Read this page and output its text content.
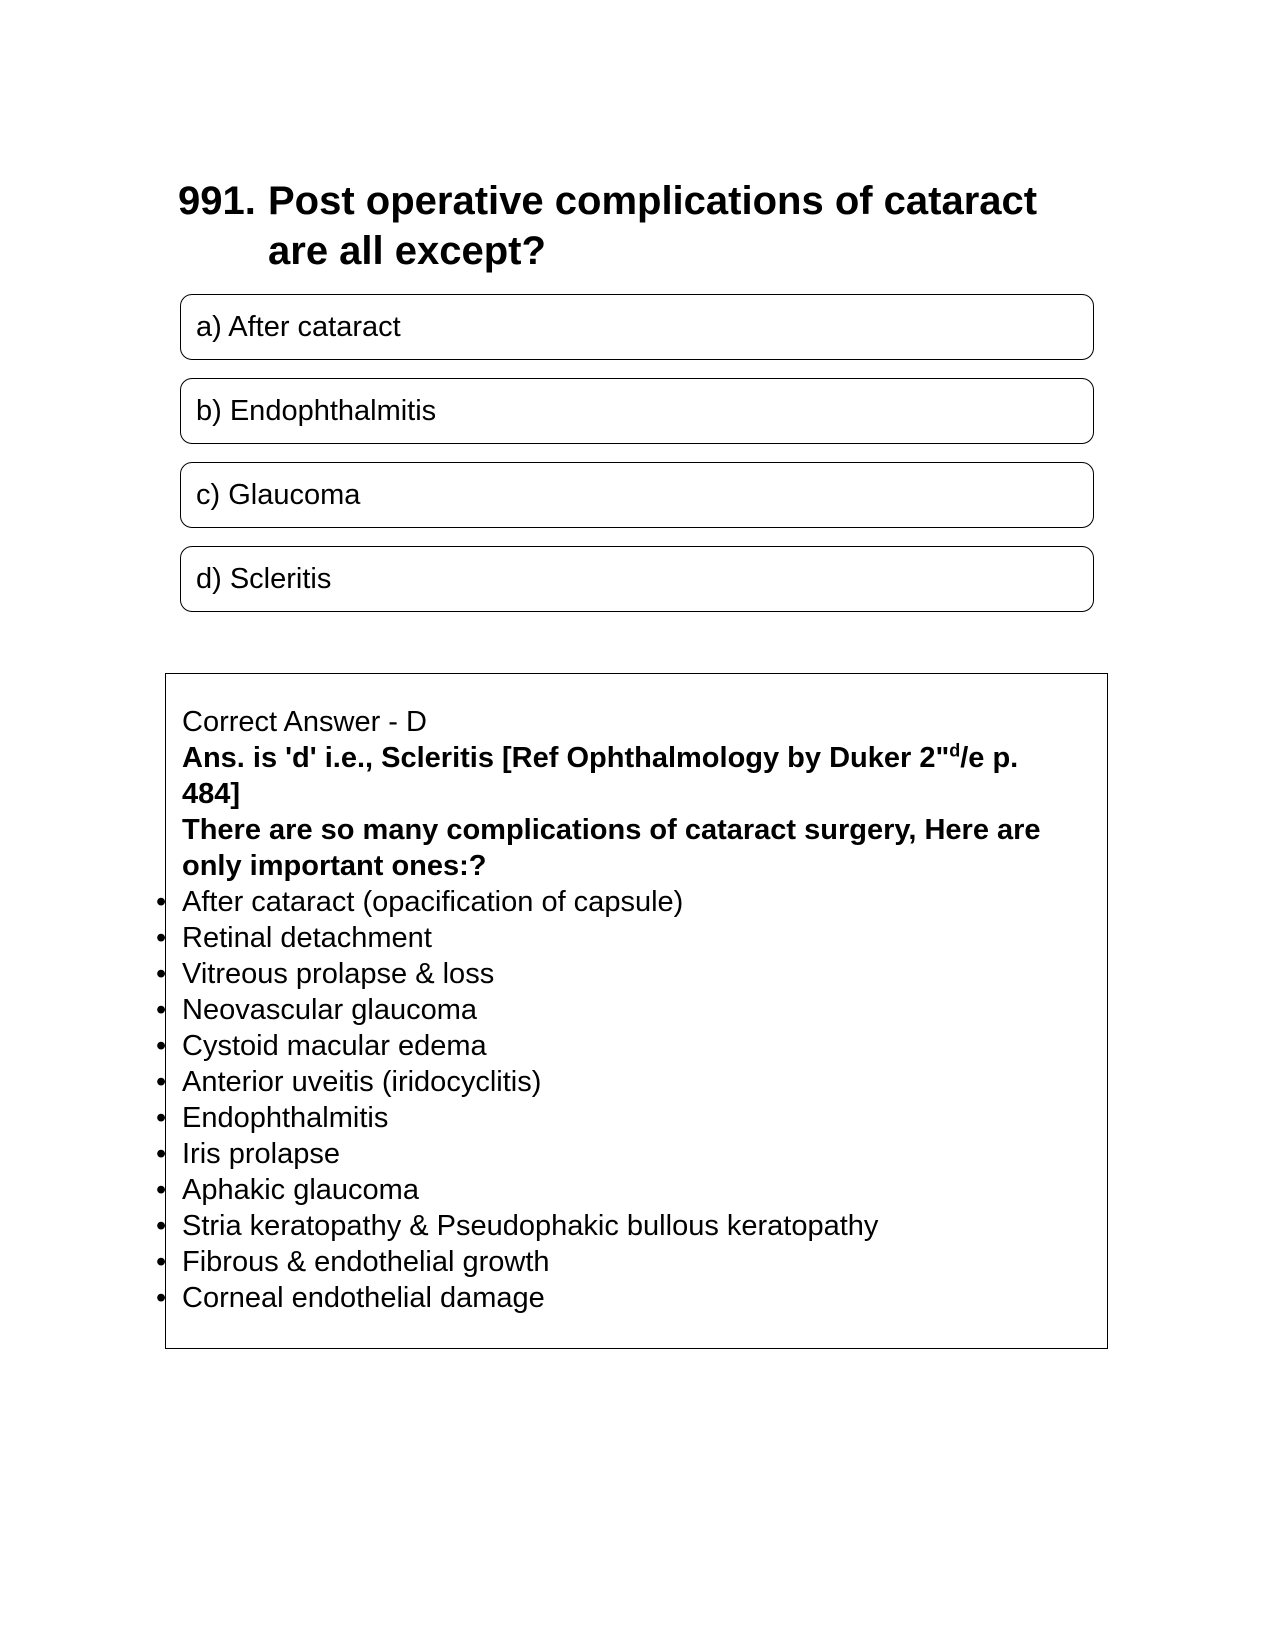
991. Post operative complications of cataract are all except?
a) After cataract
b) Endophthalmitis
c) Glaucoma
d) Scleritis
Correct Answer - D
Ans. is 'd' i.e., Scleritis [Ref Ophthalmology by Duker 2"$^d$/e p. 484]
There are so many complications of cataract surgery, Here are only important ones:?
• After cataract (opacification of capsule)
• Retinal detachment
• Vitreous prolapse & loss
• Neovascular glaucoma
• Cystoid macular edema
• Anterior uveitis (iridocyclitis)
• Endophthalmitis
• Iris prolapse
• Aphakic glaucoma
• Stria keratopathy & Pseudophakic bullous keratopathy
• Fibrous & endothelial growth
• Corneal endothelial damage
